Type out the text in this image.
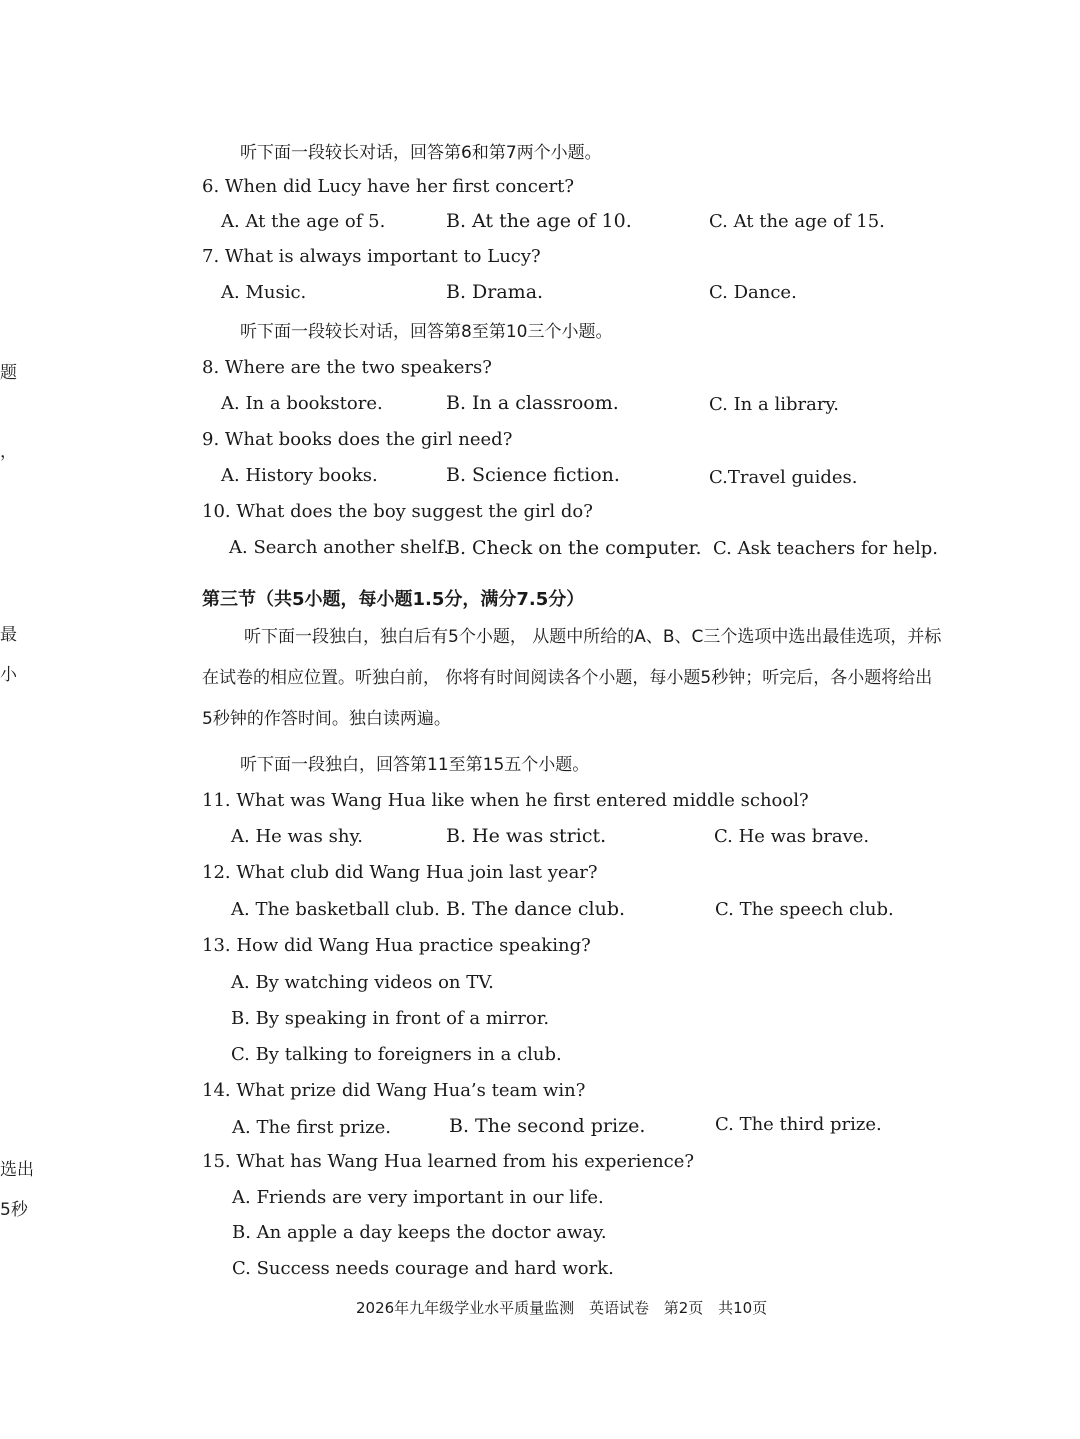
题
，
最
小
选出
5秒
听下面一段较长对话，回答第6和第7两个小题。
6. When did Lucy have her first concert?
A. At the age of 5.	B. At the age of 10.	C. At the age of 15.
7. What is always important to Lucy?
A. Music.	B. Drama.	C. Dance.
听下面一段较长对话，回答第8至第10三个小题。
8. Where are the two speakers?
A. In a bookstore.	B. In a classroom.	C. In a library.
9. What books does the girl need?
A. History books.	B. Science fiction.	C.Travel guides.
10. What does the boy suggest the girl do?
A. Search another shelf.
B. Check on the computer. C. Ask teachers for help.
第三节（共5小题，每小题1.5分，满分7.5分）
听下面一段独白，独白后有5个小题， 从题中所给的A、B、C三个选项中选出最佳选项，并标在试卷的相应位置。听独白前， 你将有时间阅读各个小题，每小题5秒钟；听完后，各小题将给出5秒钟的作答时间。独白读两遍。
听下面一段独白，回答第11至第15五个小题。
11. What was Wang Hua like when he first entered middle school?
A. He was shy.	B. He was strict.	C. He was brave.
12. What club did Wang Hua join last year?
A. The basketball club. B. The dance club.	C. The speech club.
13. How did Wang Hua practice speaking?
A. By watching videos on TV.
B. By speaking in front of a mirror.
C. By talking to foreigners in a club.
14. What prize did Wang Hua’s team win?
A. The first prize.	B. The second prize.	C. The third prize.
15. What has Wang Hua learned from his experience?
A. Friends are very important in our life.
B. An apple a day keeps the doctor away.
C. Success needs courage and hard work.
2026年九年级学业水平质量监测 英语试卷 第2页 共10页
